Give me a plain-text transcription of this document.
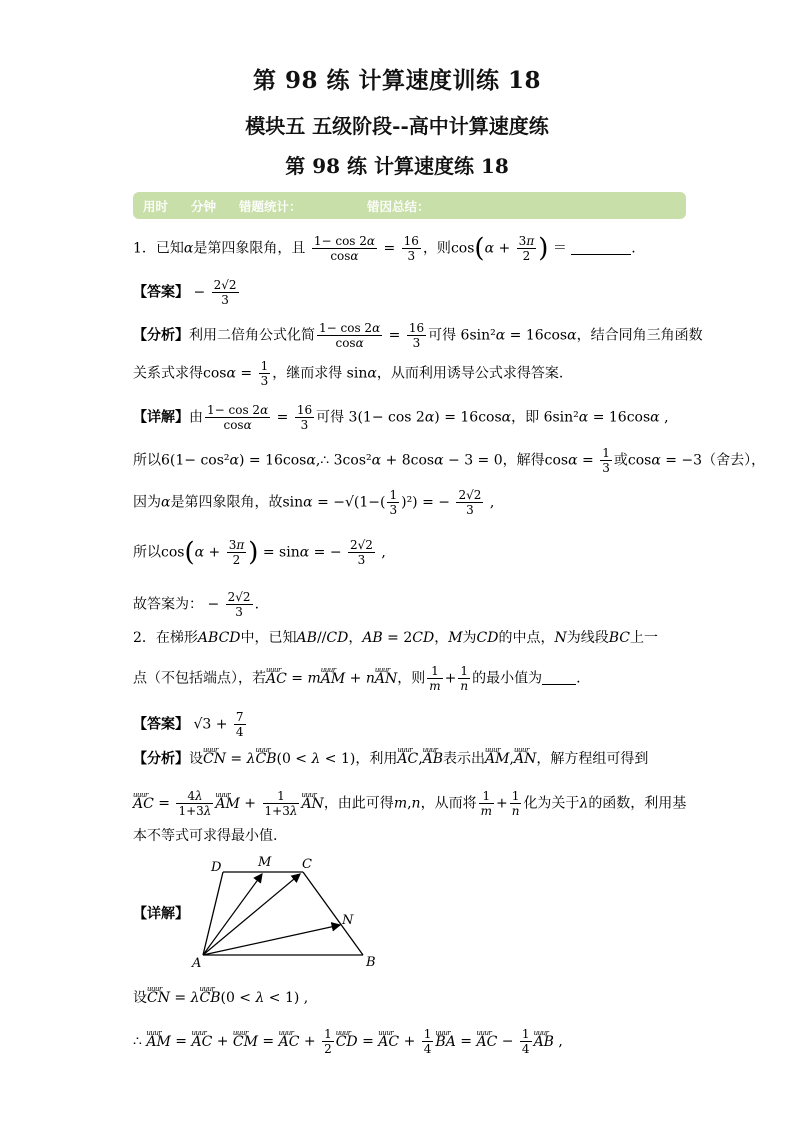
第 98 练 计算速度训练 18
模块五 五级阶段--高中计算速度练
第 98 练 计算速度练 18
用时 分钟 错题统计：	错因总结：
1．已知α是第四象限角，且 $\frac{1- \cos 2\alpha}{\cos\alpha} = \frac{16}{3}$ ，则$\cos(\alpha + \frac{3\pi}{2}$ ) ＝	.
【答案】 − $\frac{2√2}{3}$
【分析】利用二倍角公式化简 $\frac{1- \cos 2\alpha}{\cos\alpha} = \frac{16}{3}$ 可得 6sin²α = 16cosα，结合同角三角函数
关系式求得$\cos\alpha = \frac{1}{3}$ ，继而求得 sinα，从而利用诱导公式求得答案.
【详解】由 $\frac{1- \cos 2\alpha}{\cos\alpha} = \frac{16}{3}$ 可得 3(1− cos 2α) = 16cosα，即 6sin²α = 16cosα ,
所以6(1− cos²α) = 16cosα,∴ 3cos²α + 8cosα − 3 = 0，解得$\cos\alpha = \frac{1}{3}$ 或cosα = −3（舍去），
因为α是第四象限角，故$\sin\alpha = -√(1-( \frac{1}{3} )^2)$ = − $\frac{2√2}{3}$ ,
所以$\cos(\alpha + \frac{3\pi}{2}$ ) = sinα = − $\frac{2√2}{3}$ ,
故答案为： − $\frac{2√2}{3}$ .
2．在梯形ABCD中，已知AB//CD，AB = 2CD，M为CD的中点，N为线段BC上一
点（不包括端点），若uuur AC = muuur AM + nuuur AN，则 $\frac{1}{m} + \frac{1}{n}$ 的最小值为 .
【答案】 $√3 + \frac{7}{4}$
【分析】设uuur CN = λuuur CB(0 < λ < 1)，利用uuur AC,uuur AB表示出uuur AM,uuur AN，解方程组可得到
uuur AC = $\frac{4\lambda}{1+3\lambda}$ uuur AM + $\frac{1}{1+3\lambda}$ uuur AN，由此可得m,n，从而将 $\frac{1}{m} + \frac{1}{n}$ 化为关于λ的函数，利用基
本不等式可求得最小值.
【详解】
A	B
C
D	M
N
设uuur CN = λuuur CB(0 < λ < 1) ,
∴ uuur AM = uuur AC + uuur CM = uuur AC + $\frac{1}{2}$ uuur CD = uuur AC + $\frac{1}{4}$ uuur BA = uuur AC − $\frac{1}{4}$ uuur AB ,
